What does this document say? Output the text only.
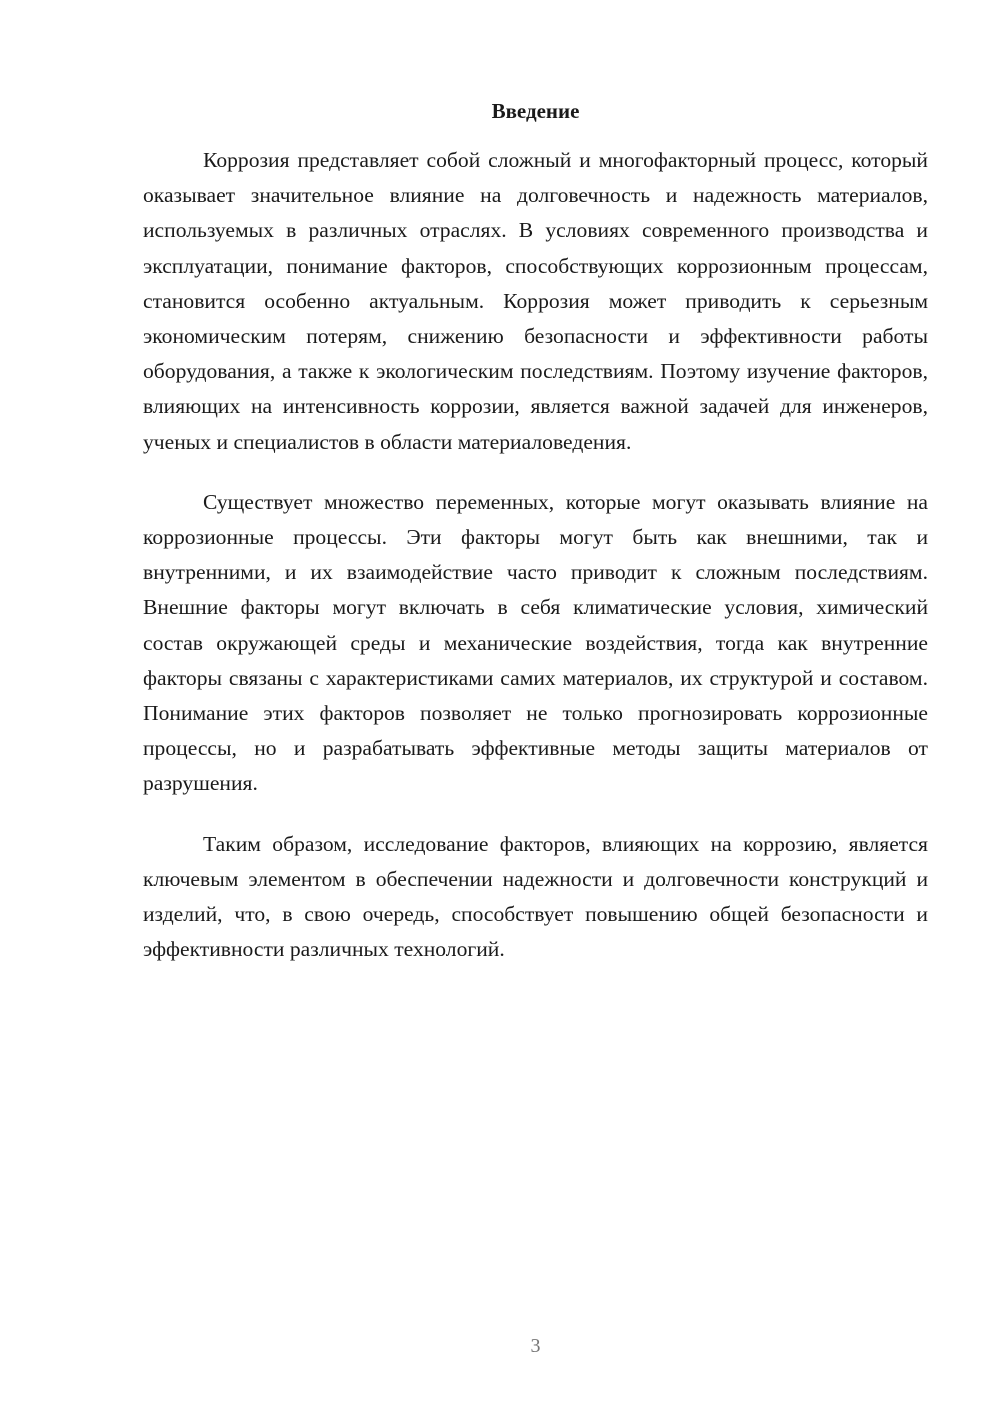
Введение

Коррозия представляет собой сложный и многофакторный процесс, который оказывает значительное влияние на долговечность и надежность материалов, используемых в различных отраслях. В условиях современного производства и эксплуатации, понимание факторов, способствующих коррозионным процессам, становится особенно актуальным. Коррозия может приводить к серьезным экономическим потерям, снижению безопасности и эффективности работы оборудования, а также к экологическим последствиям. Поэтому изучение факторов, влияющих на интенсивность коррозии, является важной задачей для инженеров, ученых и специалистов в области материаловедения.

Существует множество переменных, которые могут оказывать влияние на коррозионные процессы. Эти факторы могут быть как внешними, так и внутренними, и их взаимодействие часто приводит к сложным последствиям. Внешние факторы могут включать в себя климатические условия, химический состав окружающей среды и механические воздействия, тогда как внутренние факторы связаны с характеристиками самих материалов, их структурой и составом. Понимание этих факторов позволяет не только прогнозировать коррозионные процессы, но и разрабатывать эффективные методы защиты материалов от разрушения.

Таким образом, исследование факторов, влияющих на коррозию, является ключевым элементом в обеспечении надежности и долговечности конструкций и изделий, что, в свою очередь, способствует повышению общей безопасности и эффективности различных технологий.

3
